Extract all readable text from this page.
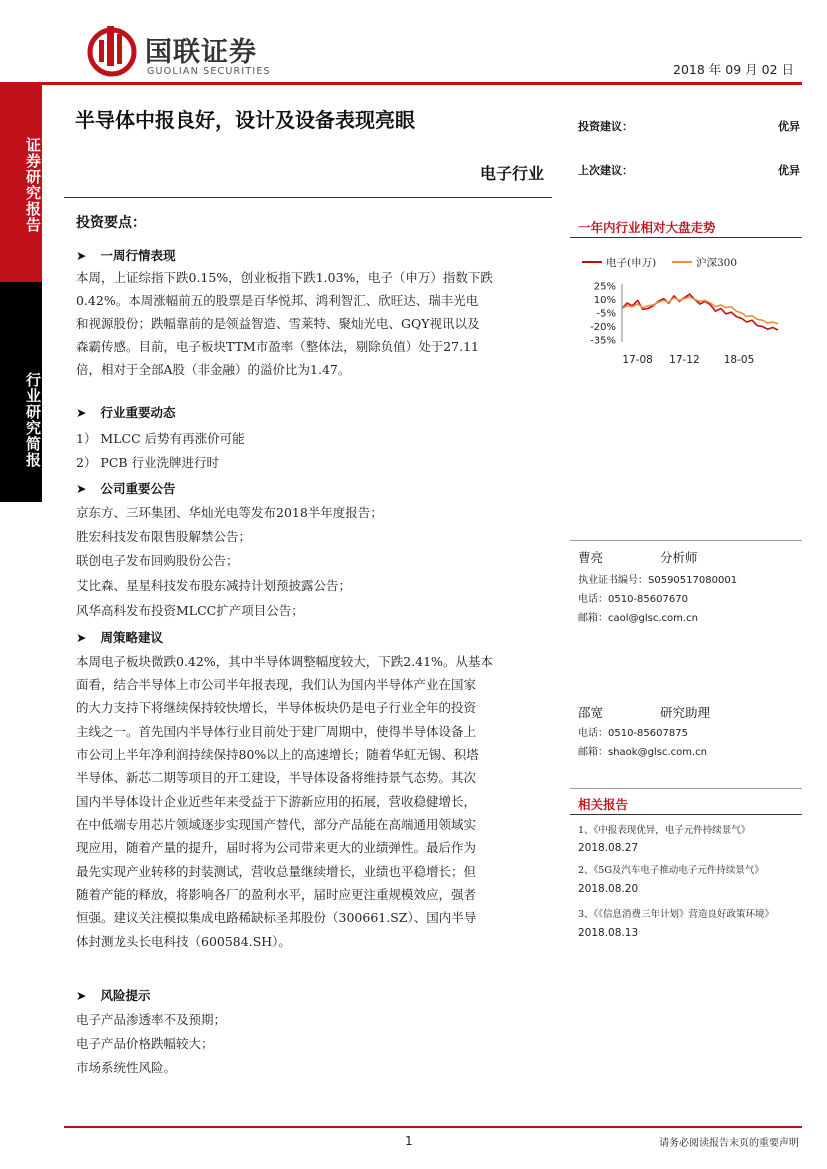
国联证券
GUOLIAN SECURITIES	2018 年 09 月 02 日
证券研究报告
行业研究简报
半导体中报良好，设计及设备表现亮眼
电子行业
投资建议：	优异
上次建议：	优异
一年内行业相对大盘走势
电子(申万)	沪深300
25%
10%
-5%
-20%
-35%
17-08 17-12 18-05
投资要点：
➤ 一周行情表现
本周，上证综指下跌0.15%，创业板指下跌1.03%，电子（申万）指数下跌
0.42%。本周涨幅前五的股票是百华悦邦、鸿利智汇、欣旺达、瑞丰光电
和视源股份；跌幅靠前的是领益智造、雪莱特、聚灿光电、GQY视讯以及
森霸传感。目前，电子板块TTM市盈率（整体法，剔除负值）处于27.11
倍，相对于全部A股（非金融）的溢价比为1.47。
➤ 行业重要动态
1） MLCC 后势有再涨价可能
2） PCB 行业洗牌进行时
➤ 公司重要公告
京东方、三环集团、华灿光电等发布2018半年度报告；
胜宏科技发布限售股解禁公告；
联创电子发布回购股份公告；
艾比森、星星科技发布股东减持计划预披露公告；
风华高科发布投资MLCC扩产项目公告；
➤ 周策略建议
本周电子板块微跌0.42%，其中半导体调整幅度较大，下跌2.41%。从基本
面看，结合半导体上市公司半年报表现，我们认为国内半导体产业在国家
的大力支持下将继续保持较快增长，半导体板块仍是电子行业全年的投资
主线之一。首先国内半导体行业目前处于建厂周期中，使得半导体设备上
市公司上半年净利润持续保持80%以上的高速增长；随着华虹无锡、积塔
半导体、新芯二期等项目的开工建设，半导体设备将维持景气态势。其次
国内半导体设计企业近些年来受益于下游新应用的拓展，营收稳健增长，
在中低端专用芯片领域逐步实现国产替代，部分产品能在高端通用领域实
现应用，随着产量的提升，届时将为公司带来更大的业绩弹性。最后作为
最先实现产业转移的封装测试，营收总量继续增长，业绩也平稳增长；但
随着产能的释放，将影响各厂的盈利水平，届时应更注重规模效应，强者
恒强。建议关注模拟集成电路稀缺标圣邦股份（300661.SZ）、国内半导
体封测龙头长电科技（600584.SH）。
➤ 风险提示
电子产品渗透率不及预期；
电子产品价格跌幅较大；
市场系统性风险。
曹亮	分析师
执业证书编号：S0590517080001
电话：0510-85607670
邮箱：caol@glsc.com.cn
邵宽	研究助理
电话：0510-85607875
邮箱：shaok@glsc.com.cn
相关报告
1、《中报表现优异，电子元件持续景气》
2018.08.27
2、《5G及汽车电子推动电子元件持续景气》
2018.08.20
3、《《信息消费三年计划》营造良好政策环境》
2018.08.13
1	请务必阅读报告末页的重要声明
